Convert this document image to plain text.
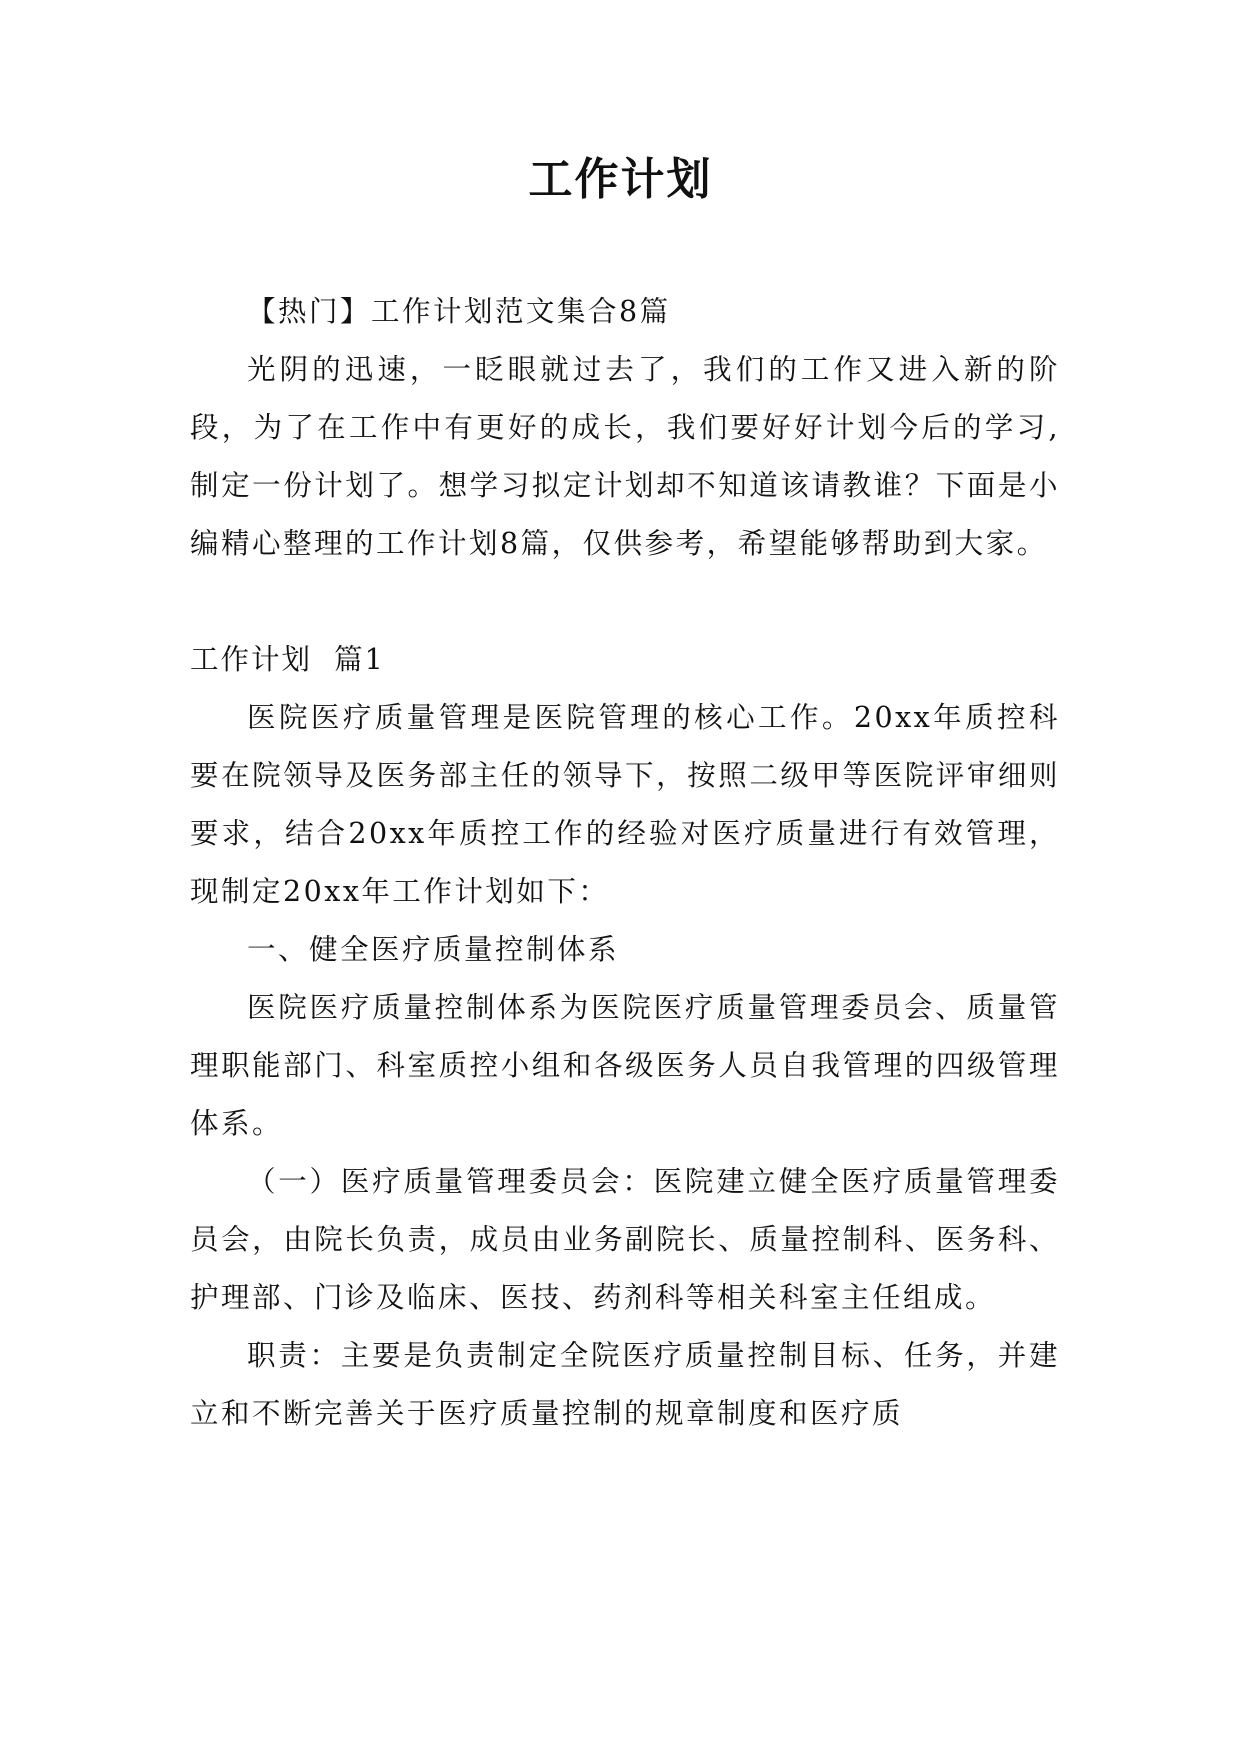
工作计划

【热门】工作计划范文集合8篇

光阴的迅速，一眨眼就过去了，我们的工作又进入新的阶段，为了在工作中有更好的成长，我们要好好计划今后的学习,制定一份计划了。想学习拟定计划却不知道该请教谁？下面是小编精心整理的工作计划8篇，仅供参考，希望能够帮助到大家。

工作计划  篇1

医院医疗质量管理是医院管理的核心工作。20xx年质控科要在院领导及医务部主任的领导下，按照二级甲等医院评审细则要求，结合20xx年质控工作的经验对医疗质量进行有效管理，现制定20xx年工作计划如下：

一、健全医疗质量控制体系

医院医疗质量控制体系为医院医疗质量管理委员会、质量管理职能部门、科室质控小组和各级医务人员自我管理的四级管理体系。

（一）医疗质量管理委员会：医院建立健全医疗质量管理委员会，由院长负责，成员由业务副院长、质量控制科、医务科、护理部、门诊及临床、医技、药剂科等相关科室主任组成。

职责：主要是负责制定全院医疗质量控制目标、任务，并建立和不断完善关于医疗质量控制的规章制度和医疗质
